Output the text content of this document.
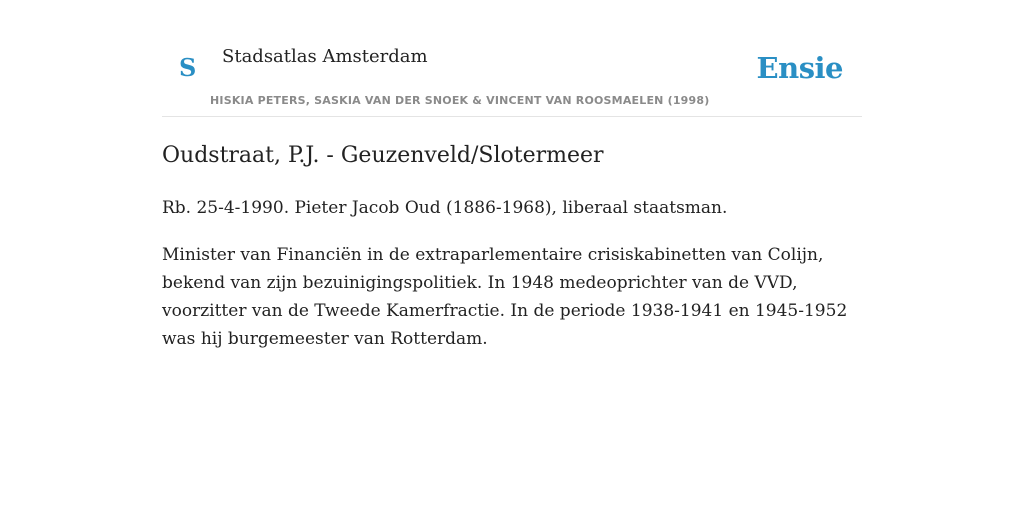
S Stadsatlas Amsterdam	Ensie
HISKIA PETERS, SASKIA VAN DER SNOEK & VINCENT VAN ROOSMAELEN (1998)
Oudstraat, P.J. - Geuzenveld/Slotermeer

Rb. 25-4-1990. Pieter Jacob Oud (1886-1968), liberaal staatsman.

Minister van Financiën in de extraparlementaire crisiskabinetten van Colijn, bekend van zijn bezuinigingspolitiek. In 1948 medeoprichter van de VVD, voorzitter van de Tweede Kamerfractie. In de periode 1938-1941 en 1945-1952 was hij burgemeester van Rotterdam.
